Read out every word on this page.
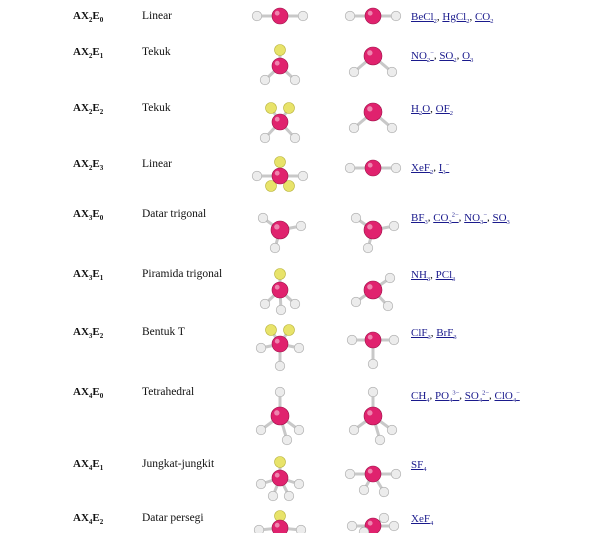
$AX_2E_0$	Linear	BeCl$_2$, HgCl$_2$, $CO_2$
$AX_2E_1$	Tekuk	$NO_2^-$, $SO_2$, $O_3$
$AX_2E_2$	Tekuk	$H_2O$, $OF_2$
$AX_2E_3$	Linear	XeF$_2$, $I_3^-$
$AX_3E_0$	Datar trigonal	$BF_3$, $CO_3^{2-}$, $NO_3^-$, $SO_3$
$AX_3E_1$	Piramida trigonal	$NH_3$, PCl$_3$
$AX_3E_2$	Bentuk T	ClF$_3$, BrF$_3$
$AX_4E_0$	Tetrahedral	$CH_4$, $PO_4^{3-}$, $SO_4^{2-}$, ClO$_4$−
$AX_4E_1$	Jungkat-jungkit	$SF_4$
$AX_4E_2$	Datar persegi	XeF$_4$
